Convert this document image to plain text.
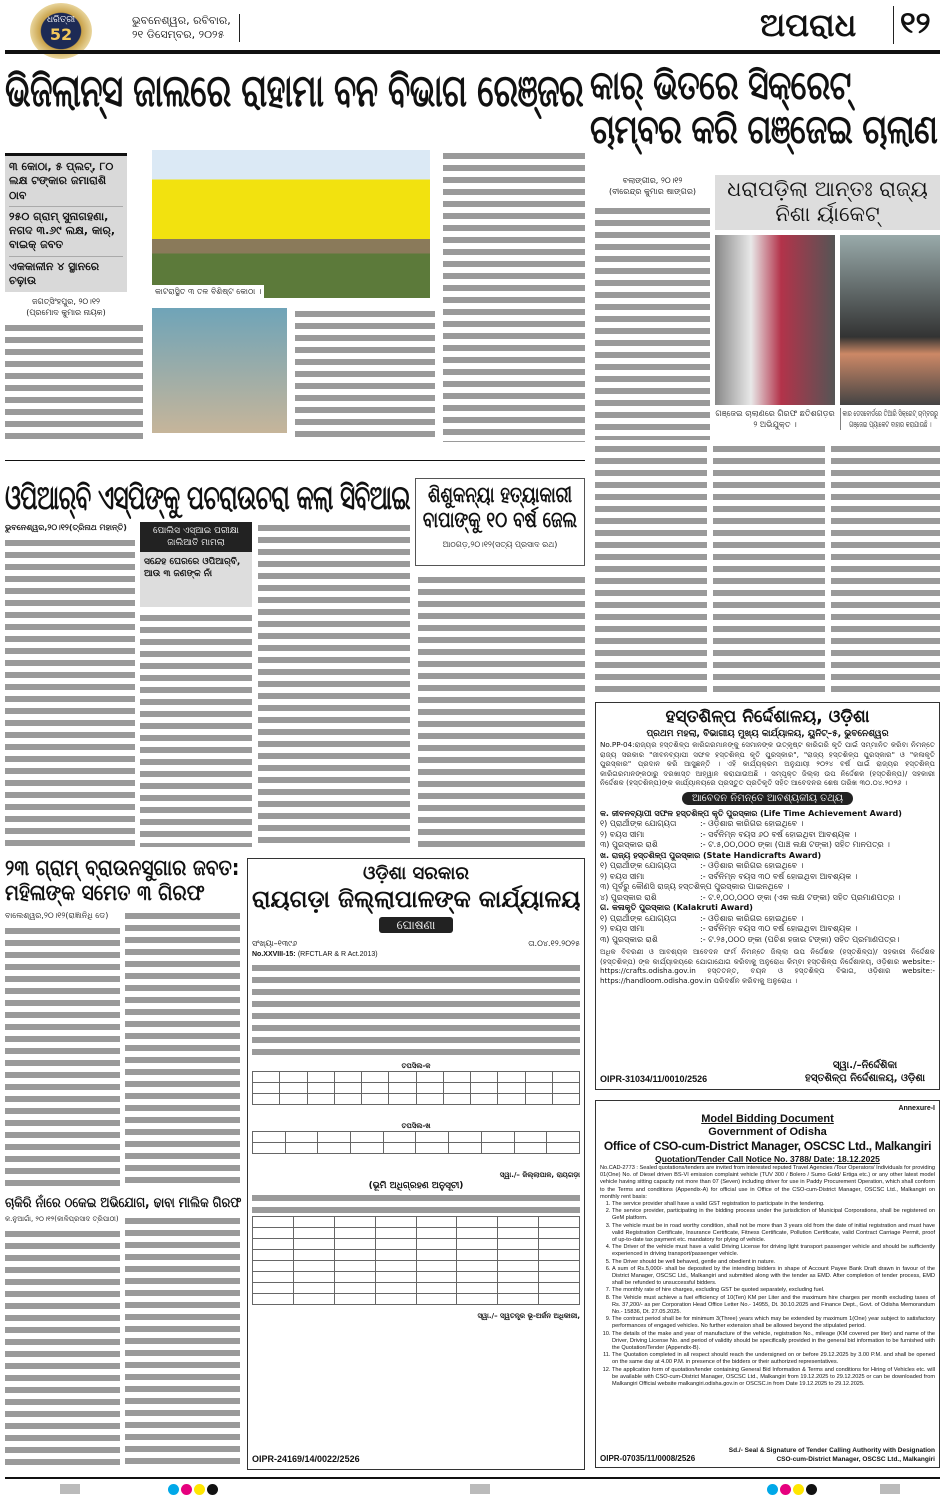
ଧରିତ୍ରୀ
52
ଭୁବନେଶ୍ୱର, ରବିବାର,
୨୧ ଡିସେମ୍ବର, ୨୦୨୫	ଅପରାଧ ୧୨
ଭିଜିଲାନ୍ସ ଜାଲରେ ରାହାମା ବନ ବିଭାଗ ରେଞ୍ଜର
୩ କୋଠା, ୫ ପ୍ଲଟ୍, ୮୦ ଲକ୍ଷ ଟଙ୍କାର ଜମାରାଶି ଠାବ
୨୫୦ ଗ୍ରାମ୍ ସୁନାଗହଣା, ନଗଦ ୩.୬୯ ଲକ୍ଷ, କାର୍, ବାଇକ୍ ଜବତ
ଏକକାଳୀନ ୪ ସ୍ଥାନରେ ଚଢ଼ାଉ
ଜଗତ୍‌ସିଂହପୁର, ୨୦।୧୨
(ପ୍ରମୋଦ କୁମାର ନାୟକ)
କାଟରାସ୍ଥିତ ୩ ତଳ ବିଶିଷ୍ଟ କୋଠା ।
କାର୍ ଭିତରେ ସିକ୍ରେଟ୍ ଚାମ୍ବର କରି ଗଞ୍ଜେଇ ଚାଲାଣ
ବଲାଙ୍ଗୀର, ୨୦।୧୨
(ବୀରେନ୍ଦ୍ର କୁମାର ଷାଙ୍ଗର)	ଧରାପଡ଼ିଲା ଆନ୍ତଃ ରାଜ୍ୟ ନିଶା ର୍ୟାକେଟ୍
ଗଞ୍ଜେଇ ଚାଲାଣରେ ଗିରଫ ଛତିଶଗଡ଼ର ୨ ଅଭିଯୁକ୍ତ ।
କାର ଡେସବୋର୍ଡରେ ତିଆରି ସିକ୍ରେଟ୍ ଚାମ୍ବରରୁ ଗଞ୍ଜେଇ ପ୍ୟାକେଟ ବାହାର କରାଯାଉଛି ।
ଓପିଆର୍‌ବି ଏସ୍‌ପିଙ୍କୁ ପଚରାଉଚରା କଲା ସିବିଆଇ
ଭୁବନେଶ୍ୱର,୨୦।୧୨(ତ୍ରିନାଥ ମହାନ୍ତି)	ପୋଲିସ ଏସ୍‌ଆଇ ପରୀକ୍ଷା ଜାଲିଆତି ମାମଲା
ସନ୍ଦେହ ଘେରରେ ଓପିଆର୍‌ବି, ଆଉ ୩ ଜଣଙ୍କ ନାଁ
ଶିଶୁକନ୍ୟା ହତ୍ୟାକାରୀ ବାପାଙ୍କୁ ୧୦ ବର୍ଷ ଜେଲ
ଆଠଗଡ଼,୨୦।୧୨(ସତ୍ୟ ପ୍ରସାଦ ରଥ)
୨୩ ଗ୍ରାମ୍ ବ୍ରାଉନସୁଗାର ଜବତ: ମହିଳାଙ୍କ ସମେତ ୩ ଗିରଫ
ବାଲେଶ୍ୱର,୨୦।୧୨(ରାଜ୍ଞାନିଧି ଡେ)
ଚାକିରି ନାଁରେ ଠକେଇ ଅଭିଯୋଗ, ଢାବା ମାଲିକ ଗିରଫ
କ.ନୁଆଗାଁ, ୨୦।୧୨(କାଳିପ୍ରସାଦ ତ୍ରିପାଠୀ)
ଓଡ଼ିଶା ସରକାର
ରାୟଗଡ଼ା ଜିଲ୍ଲାପାଳଙ୍କ କାର୍ଯ୍ୟାଳୟ
ଘୋଷଣା
ସଂଖ୍ୟା–୧୩୯୬	ତା.୦୪.୧୨.୨୦୨୫
No.XXVIII-15: (RFCTLAR & R Act.2013)
ତପସିଲ-କ

ତପସିଲ-ଖ

ସ୍ୱା./– ଜିଲ୍ଲାପାଳ, ରାୟଗଡ଼ା
(ଭୂମି ଅଧିଗ୍ରହଣ ଅନୁସୂଚୀ)

ସ୍ୱା./– ସ୍ୱତନ୍ତ୍ର ଭୂ-ଅର୍ଜନ ଅଧିକାରୀ,
OIPR-24169/14/0022/2526
ହସ୍ତଶିଳ୍ପ ନିର୍ଦ୍ଦେଶାଳୟ, ଓଡ଼ିଶା
ପ୍ରଥମ ମହଲା, ବିଭାଗୀୟ ମୁଖ୍ୟ କାର୍ଯ୍ୟାଳୟ, ୟୁନିଟ୍–୫, ଭୁବନେଶ୍ୱର
No.PP-04:ରାଜ୍ୟର ହସ୍ତଶିଳ୍ପ କାରିଗରମାନଙ୍କୁ ସେମାନଙ୍କ ଉତ୍କୃଷ୍ଟ କାରିଗରି କୃତି ପାଇଁ ସମ୍ମାନିତ କରିବା ନିମନ୍ତେ ରାଜ୍ୟ ସରକାର "ଜୀବନବ୍ୟାପୀ ସଫଳ ହସ୍ତଶିଳ୍ପ କୃତି ପୁରସ୍କାର", "ରାଜ୍ୟ ହସ୍ତଶିଳ୍ପ ପୁରସ୍କାର" ଓ "କଳାକୃତି ପୁରସ୍କାର" ପ୍ରଦାନ କରି ଆସୁଛନ୍ତି । ଏହି କାର୍ଯ୍ୟକ୍ରମ ଅନୁଯାୟୀ ୨୦୨୪ ବର୍ଷ ପାଇଁ ରାଜ୍ୟର ହସ୍ତଶିଳ୍ପ କାରିଗରମାନଙ୍କଠାରୁ ଦରଖାସ୍ତ ଆହ୍ୱାନ କରାଯାଉଅଛି । ସମ୍ପୃକ୍ତ ଜିଲ୍ଲା ଉପ ନିର୍ଦ୍ଦେଶକ (ହସ୍ତଶିଳ୍ପ)/ ସହକାରୀ ନିର୍ଦ୍ଦେଶକ (ହସ୍ତଶିଳ୍ପ)ଙ୍କ କାର୍ଯ୍ୟାଳୟରେ ପ୍ରସ୍ତୁତ ପ୍ରତିକୃତି ସହିତ ଆବେଦନର ଶେଷ ତାରିଖ ୩୦.୦୪.୨୦୨୬ ।
ଆବେଦନ ନିମନ୍ତେ ଆବଶ୍ୟକୀୟ ତଥ୍ୟ
କ. ଜୀବନବ୍ୟାପୀ ସଫଳ ହସ୍ତଶିଳ୍ପ କୃତି ପୁରସ୍କାର (Life Time Achievement Award)
୧) ପ୍ରାର୍ଥୀଙ୍କ ଯୋଗ୍ୟତା	:- ଓଡ଼ିଶାର କାରିଗର ହୋଇଥିବେ ।
୨) ବୟସ ସୀମା	:- ସର୍ବନିମ୍ନ ବୟସ ୬୦ ବର୍ଷ ହୋଇଥିବା ଆବଶ୍ୟକ ।
୩) ପୁରସ୍କାର ରାଶି	:- ଟ.୫,୦୦,୦୦୦ ଙ୍କା (ପାଞ୍ଚ ଲକ୍ଷ ଟଙ୍କା) ସହିତ ମାନପତ୍ର ।
ଖ. ରାଜ୍ୟ ହସ୍ତଶିଳ୍ପ ପୁରସ୍କାର (State Handicrafts Award)
୧) ପ୍ରାର୍ଥୀଙ୍କ ଯୋଗ୍ୟତା	:- ଓଡ଼ିଶାର କାରିଗର ହୋଇଥିବେ ।
୨) ବୟସ ସୀମା	:- ସର୍ବନିମ୍ନ ବୟସ ୩୦ ବର୍ଷ ହୋଇଥିବା ଆବଶ୍ୟକ ।
୩) ପୂର୍ବରୁ କୌଣସି ରାଜ୍ୟ ହସ୍ତଶିଳ୍ପ ପୁରସ୍କାର ପାଇନଥିବେ ।
୪) ପୁରସ୍କାର ରାଶି	:- ଟ.୧,୦୦,୦୦୦ ଙ୍କା (ଏକ ଲକ୍ଷ ଟଙ୍କା) ସହିତ ପ୍ରମାଣପତ୍ର ।
ଗ. କଳାକୃତି ପୁରସ୍କାର (Kalakruti Award)
୧) ପ୍ରାର୍ଥୀଙ୍କ ଯୋଗ୍ୟତା	:- ଓଡ଼ିଶାର କାରିଗର ହୋଇଥିବେ ।
୨) ବୟସ ସୀମା	:- ସର୍ବନିମ୍ନ ବୟସ ୩୦ ବର୍ଷ ହୋଇଥିବା ଆବଶ୍ୟକ ।
୩) ପୁରସ୍କାର ରାଶି	:- ଟ.୨୫,୦୦୦ ଙ୍କା (ପଚିଶ ହଜାର ଟଙ୍କା) ସହିତ ପ୍ରମାଣପତ୍ର।
ଅଧିକ ବିବରଣୀ ଓ ଆବଶ୍ୟକ ଆବେଦନ ଫର୍ମ ନିମନ୍ତେ ଜିଲ୍ଲା ଉପ ନିର୍ଦ୍ଦେଶକ (ହସ୍ତଶିଳ୍ପ)/ ସହକାରୀ ନିର୍ଦ୍ଦେଶକ (ହସ୍ତଶିଳ୍ପ) ଙ୍କ କାର୍ଯ୍ୟାଳୟରେ ଯୋଗାଯୋଗ କରିବାକୁ ଅନୁରୋଧ କିମ୍ବା ହସ୍ତଶିଳ୍ପ ନିର୍ଦ୍ଦେଶାଳୟ, ଓଡ଼ିଶାର website:-https://crafts.odisha.gov.in ହସ୍ତତନ୍ତ, ବୟନ ଓ ହସ୍ତଶିଳ୍ପ ବିଭାଗ, ଓଡ଼ିଶାର website:- https://handloom.odisha.gov.in ପରିଦର୍ଶନ କରିବାକୁ ଅନୁରୋଧ ।
OIPR-31034/11/0010/2526
ସ୍ୱା./–ନିର୍ଦ୍ଦେଶିକା
ହସ୍ତଶିଳ୍ପ ନିର୍ଦ୍ଦେଶାଳୟ, ଓଡ଼ିଶା
Annexure-I
Model Bidding Document
Government of Odisha
Office of CSO-cum-District Manager, OSCSC Ltd., Malkangiri
Quotation/Tender Call Notice No. 3788/ Date: 18.12.2025
No.CAD-2773 : Sealed quotations/tenders are invited from interested reputed Travel Agencies /Tour Operators/ Individuals for providing 01(One) No. of Diesel driven BS-VI emission complaint vehicle (TUV 300 / Bolero / Sumo Gold/ Ertiga etc.) or any other latest model vehicle having sitting capacity not more than 07 (Seven) including driver for use in Paddy Procurement Operation, which shall conform to the Terms and conditions (Appendix-A) for official use in Office of the CSO-cum-District Manager, OSCSC Ltd., Malkangiri on monthly rent basis:
1. The service provider shall have a valid GST registration to participate in the tendering.
2. The service provider, participating in the bidding process under the jurisdiction of Municipal Corporations, shall be registered on GeM platform.
3. The vehicle must be in road worthy condition, shall not be more than 3 years old from the date of initial registration and must have valid Registration Certificate, Insurance Certificate, Fitness Certificate, Pollution Certificate, valid Contract Carriage Permit, proof of up-to-date tax payment etc. mandatory for plying of vehicle.
4. The Driver of the vehicle must have a valid Driving License for driving light transport passenger vehicle and should be sufficiently experienced in driving transport/passenger vehicle.
5. The Driver should be well behaved, gentle and obedient in nature.
6. A sum of Rs.5,000/- shall be deposited by the intending bidders in shape of Account Payee Bank Draft drawn in favour of the District Manager, OSCSC Ltd., Malkangiri and submitted along with the tender as EMD. After completion of tender process, EMD shall be refunded to unsuccessful bidders.
7. The monthly rate of hire charges, excluding GST be quoted separately, excluding fuel.
8. The Vehicle must achieve a fuel efficiency of 10(Ten) KM per Liter and the maximum hire charges per month excluding taxes of Rs. 37,200/- as per Corporation Head Office Letter No.- 14955, Dt. 30.10.2025 and Finance Dept., Govt. of Odisha Memorandum No.- 15836, Dt. 27.05.2025.
9. The contract period shall be for minimum 3(Three) years which may be extended by maximum 1(One) year subject to satisfactory performances of engaged vehicles. No further extension shall be allowed beyond the stipulated period.
10. The details of the make and year of manufacture of the vehicle, registration No., mileage (KM covered per liter) and name of the Driver, Driving License No. and period of validity should be specifically provided in the general bid information to be furnished with the Quotation/Tender (Appendix-B).
11. The Quotation completed in all respect should reach the undersigned on or before 29.12.2025 by 3.00 P.M. and shall be opened on the same day at 4.00 P.M. in presence of the bidders or their authorized representatives.
12. The application form of quotation/tender containing General Bid Information & Terms and conditions for Hiring of Vehicles etc. will be available with CSO-cum-District Manager, OSCSC Ltd., Malkangiri from 19.12.2025 to 29.12.2025 or can be downloaded from Malkangiri Official website malkangiri.odisha.gov.in or OSCSC.in from Date 19.12.2025 to 29.12.2025.
OIPR-07035/11/0008/2526
Sd./- Seal & Signature of Tender Calling Authority with Designation
CSO-cum-District Manager, OSCSC Ltd., Malkangiri
